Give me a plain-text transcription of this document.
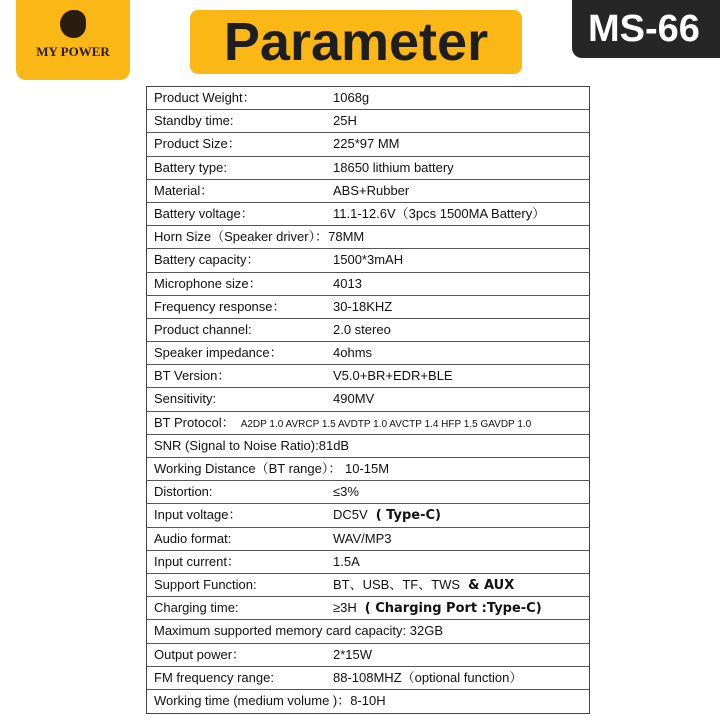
MY POWER	Parameter	MS-66
Product Weight：	1068g
Standby time:	25H
Product Size：	225*97 MM
Battery type:	18650 lithium battery
Material：	ABS+Rubber
Battery voltage：	11.1-12.6V（3pcs 1500MA Battery）
Horn Size（Speaker driver）：78MM
Battery capacity：	1500*3mAH
Microphone size：	4013
Frequency response：	30-18KHZ
Product channel:	2.0 stereo
Speaker impedance：	4ohms
BT Version：	V5.0+BR+EDR+BLE
Sensitivity:	490MV
BT Protocol： A2DP 1.0 AVRCP 1.5 AVDTP 1.0 AVCTP 1.4 HFP 1.5 GAVDP 1.0
SNR (Signal to Noise Ratio):81dB
Working Distance（BT range）： 10-15M
Distortion:	≤3%
Input voltage：	DC5V ( Type-C)
Audio format:	WAV/MP3
Input current：	1.5A
Support Function:	BT、USB、TF、TWS & AUX
Charging time:	≥3H ( Charging Port :Type-C)
Maximum supported memory card capacity: 32GB
Output power：	2*15W
FM frequency range:	88-108MHZ（optional function）
Working time (medium volume )：8-10H
